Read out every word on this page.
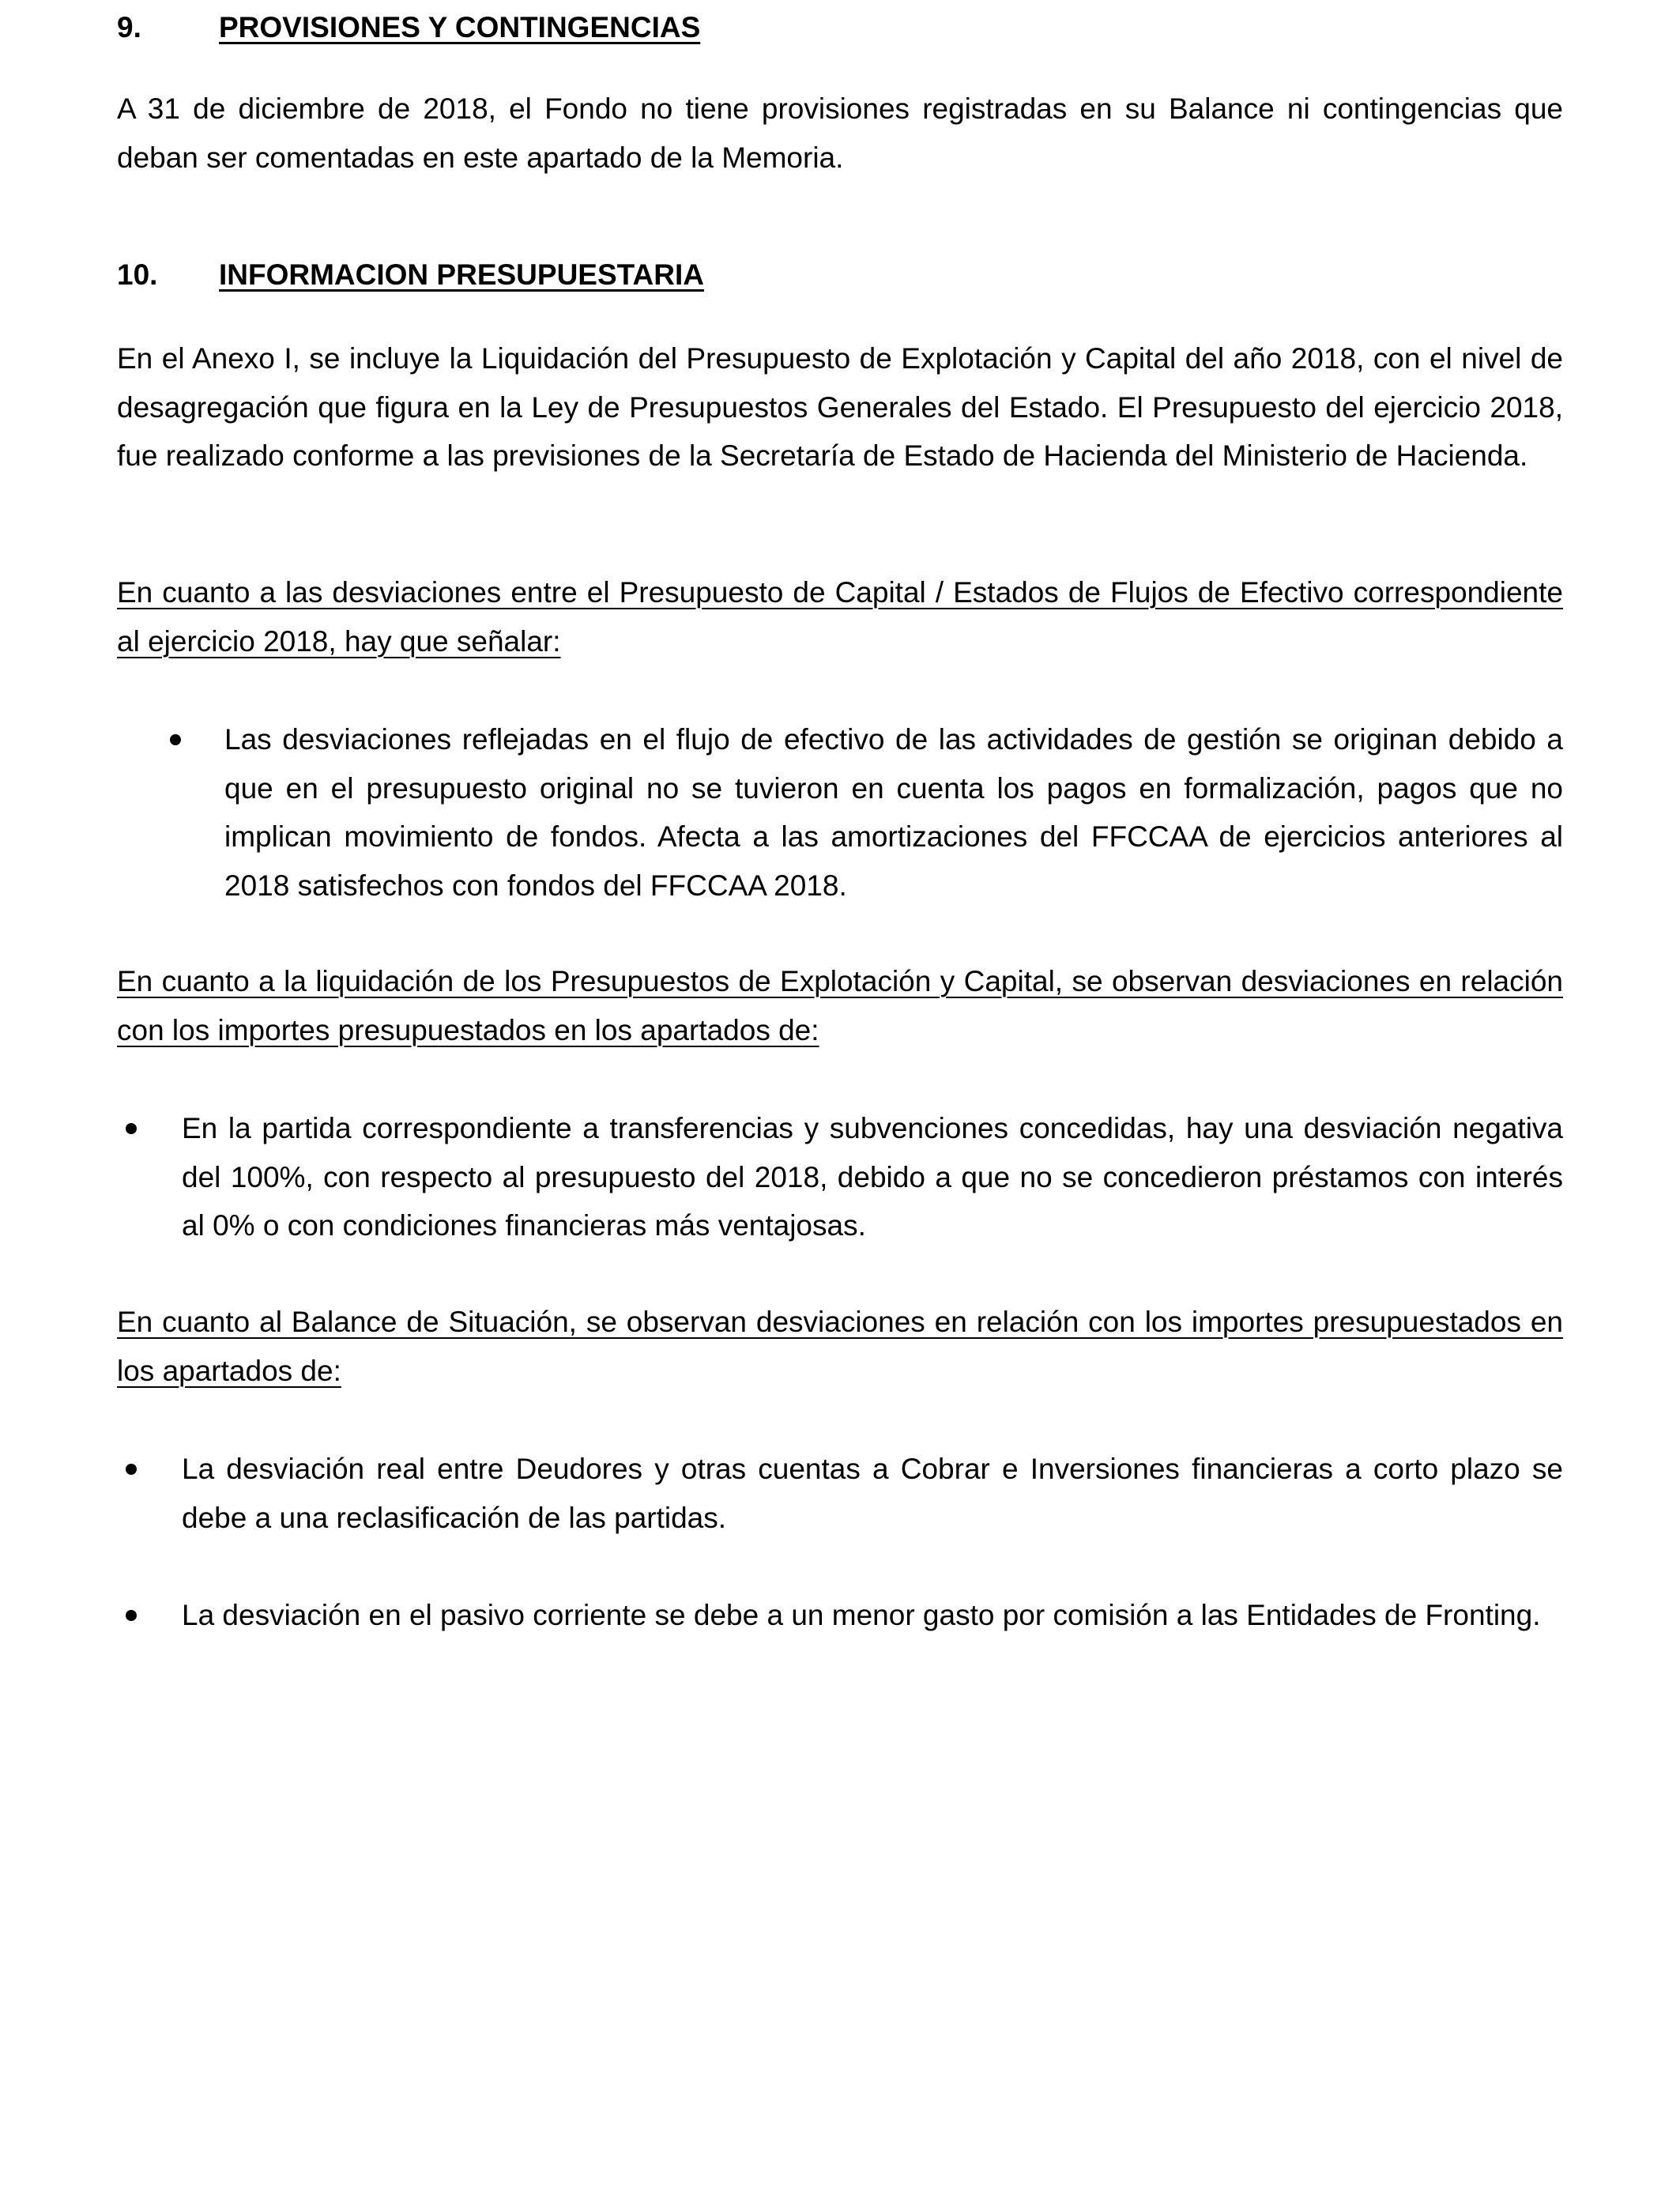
9.	PROVISIONES Y CONTINGENCIAS

A 31 de diciembre de 2018, el Fondo no tiene provisiones registradas en su Balance ni contingencias que deban ser comentadas en este apartado de la Memoria.

10. INFORMACION PRESUPUESTARIA

En el Anexo I, se incluye la Liquidación del Presupuesto de Explotación y Capital del año 2018, con el nivel de desagregación que figura en la Ley de Presupuestos Generales del Estado. El Presupuesto del ejercicio 2018, fue realizado conforme a las previsiones de la Secretaría de Estado de Hacienda del Ministerio de Hacienda.

En cuanto a las desviaciones entre el Presupuesto de Capital / Estados de Flujos de Efectivo correspondiente al ejercicio 2018, hay que señalar:

Las desviaciones reflejadas en el flujo de efectivo de las actividades de gestión se originan debido a que en el presupuesto original no se tuvieron en cuenta los pagos en formalización, pagos que no implican movimiento de fondos. Afecta a las amortizaciones del FFCCAA de ejercicios anteriores al 2018 satisfechos con fondos del FFCCAA 2018.

En cuanto a la liquidación de los Presupuestos de Explotación y Capital, se observan desviaciones en relación con los importes presupuestados en los apartados de:

En la partida correspondiente a transferencias y subvenciones concedidas, hay una desviación negativa del 100%, con respecto al presupuesto del 2018, debido a que no se concedieron préstamos con interés al 0% o con condiciones financieras más ventajosas.

En cuanto al Balance de Situación, se observan desviaciones en relación con los importes presupuestados en los apartados de:

La desviación real entre Deudores y otras cuentas a Cobrar e Inversiones financieras a corto plazo se debe a una reclasificación de las partidas.

La desviación en el pasivo corriente se debe a un menor gasto por comisión a las Entidades de Fronting.
